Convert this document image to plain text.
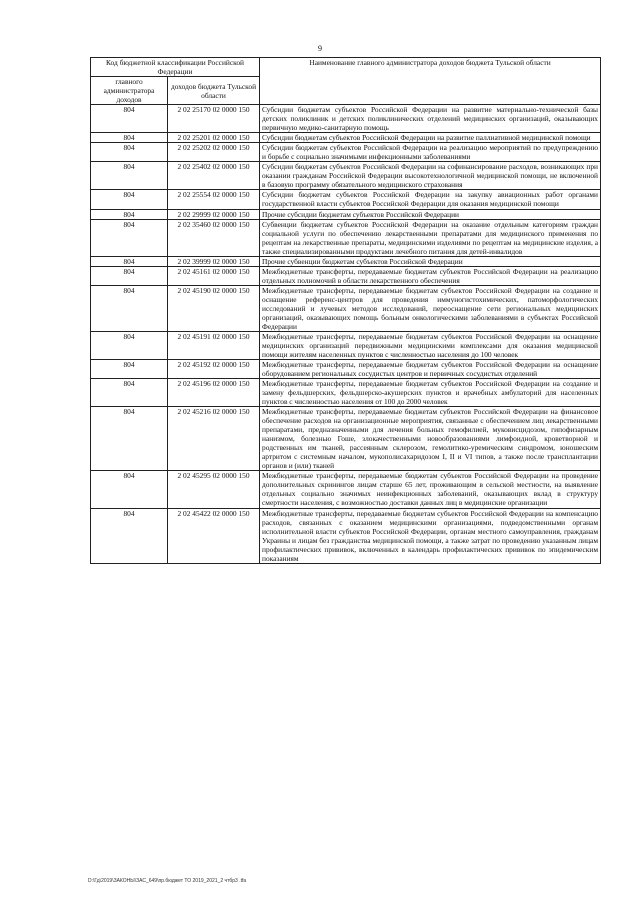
9
Код бюджетной классификации Российской Федерации		Наименование главного администратора доходов бюджета Тульской области
главного администратора доходов	доходов бюджета Тульской области	
804	2 02 25170 02 0000 150	Субсидии бюджетам субъектов Российской Федерации на развитие материально-технической базы детских поликлиник и детских поликлинических отделений медицинских организаций, оказывающих первичную медико-санитарную помощь
804	2 02 25201 02 0000 150	Субсидии бюджетам субъектов Российской Федерации на развитие паллиативной медицинской помощи
804	2 02 25202 02 0000 150	Субсидии бюджетам субъектов Российской Федерации на реализацию мероприятий по предупреждению и борьбе с социально значимыми инфекционными заболеваниями
804	2 02 25402 02 0000 150	Субсидии бюджетам субъектов Российской Федерации на софинансирование расходов, возникающих при оказании гражданам Российской Федерации высокотехнологичной медицинской помощи, не включенной в базовую программу обязательного медицинского страхования
804	2 02 25554 02 0000 150	Субсидии бюджетам субъектов Российской Федерации на закупку авиационных работ органами государственной власти субъектов Российской Федерации для оказания медицинской помощи
804	2 02 29999 02 0000 150	Прочие субсидии бюджетам субъектов Российской Федерации
804	2 02 35460 02 0000 150	Субвенции бюджетам субъектов Российской Федерации на оказание отдельным категориям граждан социальной услуги по обеспечению лекарственными препаратами для медицинского применения по рецептам на лекарственные препараты, медицинскими изделиями по рецептам на медицинские изделия, а также специализированными продуктами лечебного питания для детей-инвалидов
804	2 02 39999 02 0000 150	Прочие субвенции бюджетам субъектов Российской Федерации
804	2 02 45161 02 0000 150	Межбюджетные трансферты, передаваемые бюджетам субъектов Российской Федерации на реализацию отдельных полномочий в области лекарственного обеспечения
804	2 02 45190 02 0000 150	Межбюджетные трансферты, передаваемые бюджетам субъектов Российской Федерации на создание и оснащение референс-центров для проведения иммуногистохимических, патоморфологических исследований и лучевых методов исследований, переоснащение сети региональных медицинских организаций, оказывающих помощь больным онкологическими заболеваниями в субъектах Российской Федерации
804	2 02 45191 02 0000 150	Межбюджетные трансферты, передаваемые бюджетам субъектов Российской Федерации на оснащение медицинских организаций передвижными медицинскими комплексами для оказания медицинской помощи жителям населенных пунктов с численностью населения до 100 человек
804	2 02 45192 02 0000 150	Межбюджетные трансферты, передаваемые бюджетам субъектов Российской Федерации на оснащение оборудованием региональных сосудистых центров и первичных сосудистых отделений
804	2 02 45196 02 0000 150	Межбюджетные трансферты, передаваемые бюджетам субъектов Российской Федерации на создание и замену фельдшерских, фельдшерско-акушерских пунктов и врачебных амбулаторий для населенных пунктов с численностью населения от 100 до 2000 человек
804	2 02 45216 02 0000 150	Межбюджетные трансферты, передаваемые бюджетам субъектов Российской Федерации на финансовое обеспечение расходов на организационные мероприятия, связанные с обеспечением лиц лекарственными препаратами, предназначенными для лечения больных гемофилией, муковисцидозом, гипофизарным нанизмом, болезнью Гоше, злокачественными новообразованиями лимфоидной, кроветворной и родственных им тканей, рассеянным склерозом, гемолитико-уремическим синдромом, юношеским артритом с системным началом, мукополисахаридозом I, II и VI типов, а также после трансплантации органов и (или) тканей
804	2 02 45295 02 0000 150	Межбюджетные трансферты, передаваемые бюджетам субъектов Российской Федерации на проведение дополнительных скринингов лицам старше 65 лет, проживающим в сельской местности, на выявление отдельных социально значимых неинфекционных заболеваний, оказывающих вклад в структуру смертности населения, с возможностью доставки данных лиц в медицинские организации
804	2 02 45422 02 0000 150	Межбюджетные трансферты, передаваемые бюджетам субъектов Российской Федерации на компенсацию расходов, связанных с оказанием медицинскими организациями, подведомственными органам исполнительной власти субъектов Российской Федерации, органам местного самоуправления, гражданам Украины и лицам без гражданства медицинской помощи, а также затрат по проведению указанным лицам профилактических прививок, включенных в календарь профилактических прививок по эпидемическим показаниям
D:\Гд\2019\ЗАКОНЫ\ЗАС_649\пр.бюджет ТО 2019_2021_2 чтбр3 .tfa
